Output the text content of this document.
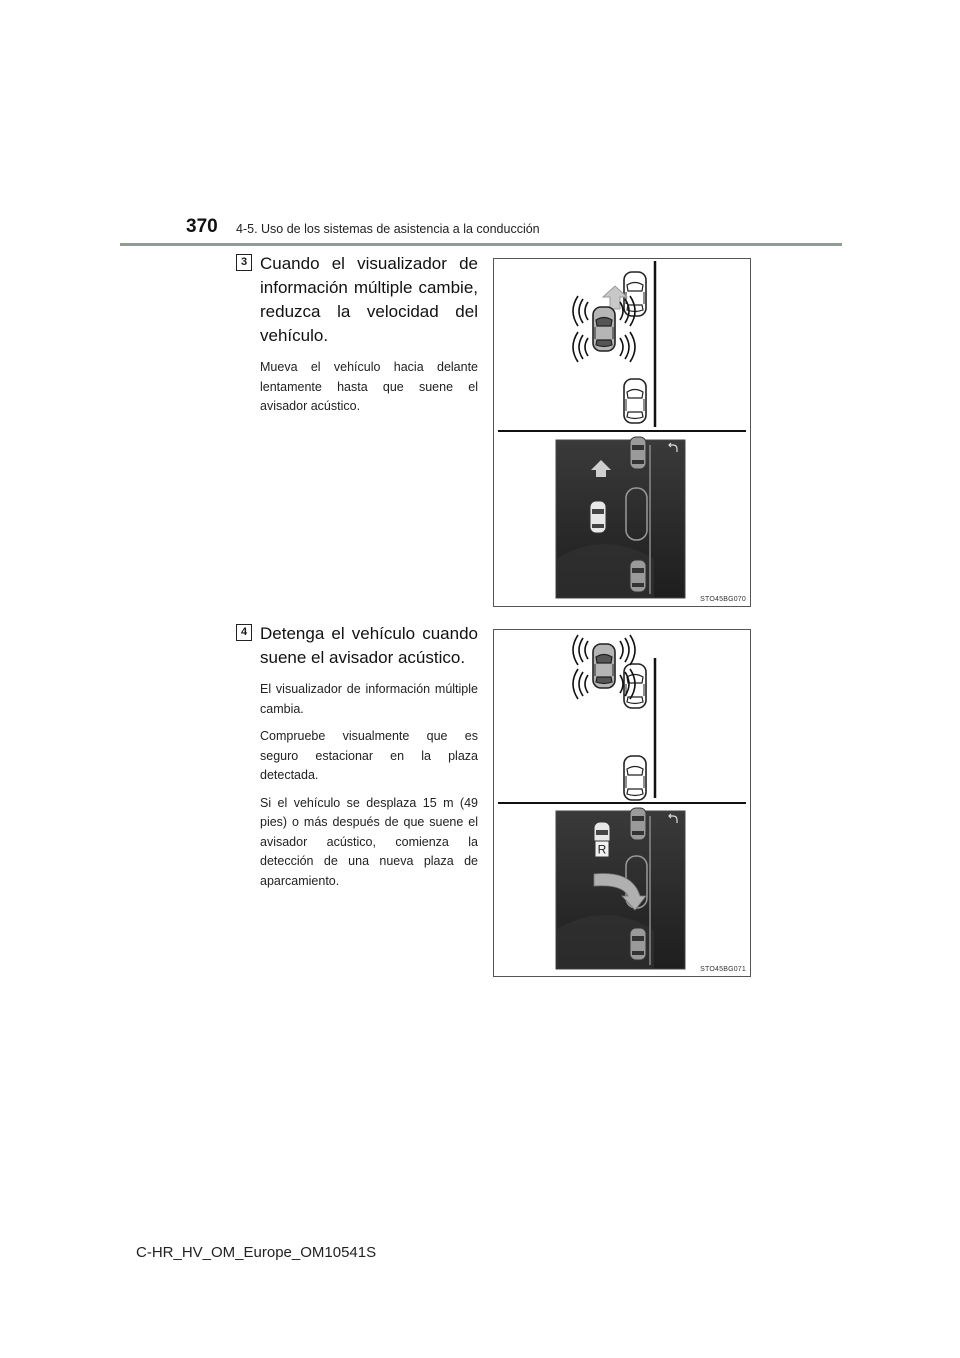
370 4-5. Uso de los sistemas de asistencia a la conducción
3 Cuando el visualizador de información múltiple cambie, reduzca la velocidad del vehículo.

Mueva el vehículo hacia delante lentamente hasta que suene el avisador acústico.

STO45BG070
4 Detenga el vehículo cuando suene el avisador acústico.

El visualizador de información múltiple cambia.

Compruebe visualmente que es seguro estacionar en la plaza detectada.

Si el vehículo se desplaza 15 m (49 pies) o más después de que suene el avisador acústico, comienza la detección de una nueva plaza de aparcamiento.

R
STO45BG071
C-HR_HV_OM_Europe_OM10541S
